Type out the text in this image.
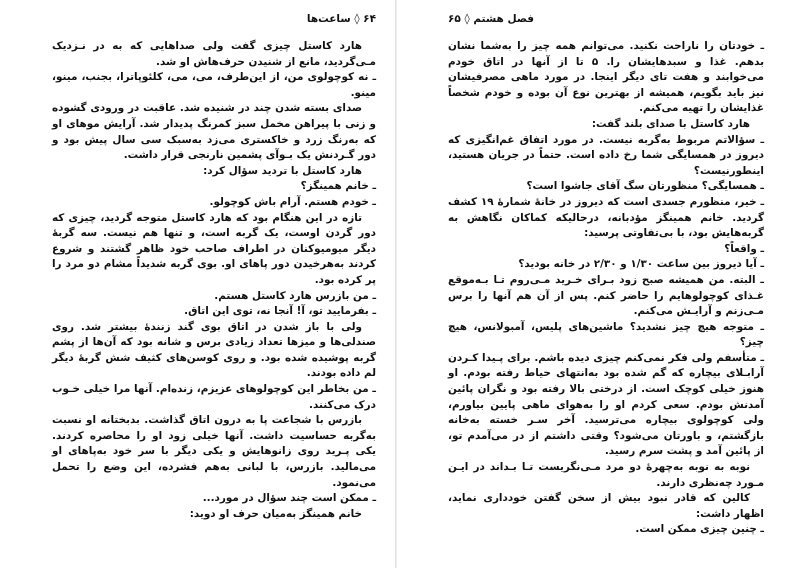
۶۴ ◊ ساعت‌ها

هارد کاستل چیزی گفت ولی صداهایی که به‌ در نـزدیک مـی‌گردید، مانع از شنیدن حرف‌هاش او شد.

ـ نه کوچولوی من، از این‌طرف، می، می، کلئوپاترا، بجنب، مینو، مینو.

صدای بسته شدن چند در شنیده شد. عاقبت در ورودی گشوده و زنی با پیراهن مخمل سبز کمرنگ پدیدار شد. آرایش موهای او که به‌رنگ زرد و خاکستری می‌زد به‌سبک سی سال پیش بود و دور گـردنش یک بـوآی پشمین نارنجی قرار داشت.

هارد کاستل با تردید سؤال کرد:

ـ خانم همینگز؟

ـ خودم هستم. آرام باش کوچولو.

تازه در این هنگام بود که هارد کاستل متوجه گردید، چیزی که دور گردن اوست، یک گربه است، و تنها هم نیست. سه گربهٔ دیگر میومیوکنان در اطراف صاحب خود ظاهر گشتند و شروع کردند به‌هرخیدن دور پاهای او. بوی گربه شدیداً مشام دو مرد را پر کرده بود.

ـ من بازرس هارد کاستل هستم.

ـ بفرمایید تو، آ! آنجا نه، توی این اتاق.

ولی با باز شدن در اتاق بوی گند زنندۀ بیشتر شد. روی صندلی‌ها و میزها تعداد زیادی برس و شانه بود که آن‌ها از پشم گربه پوشیده شده بود. و روی کوسن‌های کثیف شش گربهٔ دیگر لم داده بودند.

ـ من بخاطر این کوچولوهای عزیزم، زنده‌ام. آنها مرا خیلی خـوب درک می‌کنند.

بازرس با شجاعت پا به درون اتاق گذاشت. بدبختانه او نسبت به‌گربه حساسیت داشت. آنها خیلی زود او را محاصره کردند. یکی پـرید روی زانوهایش و یکی دیگر با سر خود به‌پاهای او می‌مالید. بازرس، با لبانی به‌هم فشرده، این وضع را تحمل می‌نمود.

ـ ممکن است چند سؤال در مورد...

خانم همینگز به‌میان حرف او دوید:

فصل هشتم ◊ ۶۵

ـ خودتان را ناراحت نکنید. می‌توانم همه چیز را به‌شما نشان بدهم. غذا و سبدهایشان را. ۵ تا از آنها در اتاق خودم می‌خوابند و هفت تای دیگر اینجا. در مورد ماهی مصرفیشان نیز باید بگویم، همیشه از بهترین نوع آن بوده و خودم شخصاً غذایشان را تهیه می‌کنم.

هارد کاستل با صدای بلند گفت:

ـ سؤالاتم مربوط به‌گربه نیست. در مورد اتفاق غم‌انگیزی که دیروز در همسایگی شما رخ داده است. حتماً در جریان هستید، اینطورنیست؟

ـ همسایگی؟ منظورتان سگ آقای جاشوا است؟

ـ خیر، منظورم جسدی است که دیروز در خانهٔ شمارهٔ ۱۹ کشف گردید. خانم همینگز مؤدبانه، درحالیکه کماکان نگاهش به گربه‌هایش بود، با بی‌تفاوتی پرسید:

ـ واقعاً؟

ـ آیا دیروز بین ساعت ۱/۳۰ و ۲/۳۰ در خانه بودید؟

ـ البته. من همیشه صبح زود بـرای خـرید مـی‌روم تـا بـه‌موقع غـذای کوچولوهایم را حاضر کنم. پس از آن هم آنها را برس مـی‌زنم و آرایـش می‌کنم.

ـ متوجه هیچ چیز نشدید؟ ماشین‌های پلیس، آمبولانس، هیچ چیز؟

ـ متأسفم ولی فکر نمی‌کنم چیزی دیده باشم. برای پـیدا کـردن آرابـلای بیچاره که گم شده بود به‌انتهای حیاط رفته بودم. او هنوز خیلی کوچک است. از درختی بالا رفته بود و نگران پائین آمدنش بودم. سعی کردم او را به‌هوای ماهی پایین بیاورم، ولی کوچولوی بیچاره می‌ترسید. آخر سـر خسته به‌خانه بازگشتم، و باورتان می‌شود؟ وقتی داشتم از در می‌آمدم تو، از پائین آمد و پشت سرم رسید.

نوبه به نوبه به‌چهرهٔ دو مرد مـی‌نگریست تـا بـداند در ایـن مـورد چه‌نظری دارند.

کالین که قادر نبود بیش از سخن گفتن خودداری نماید، اظهار داشت:

ـ چنین چیزی ممکن است.
